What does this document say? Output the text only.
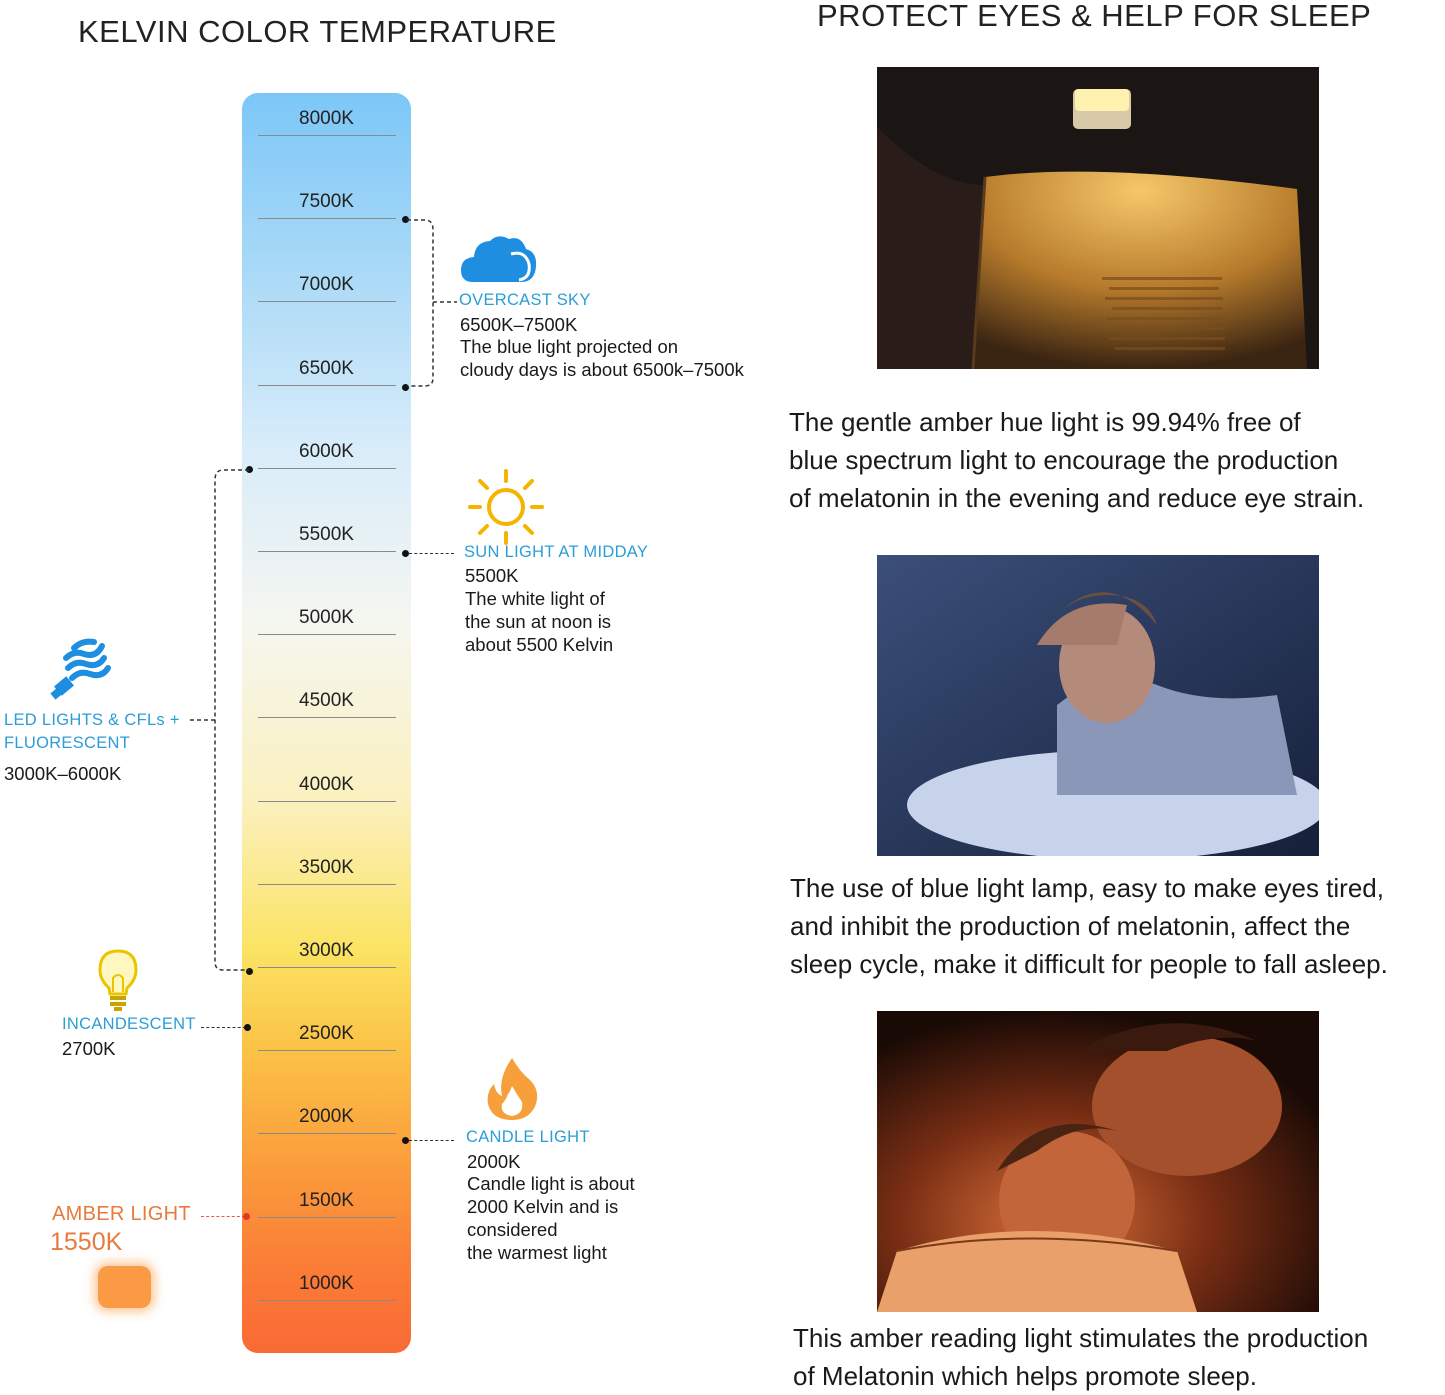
KELVIN COLOR TEMPERATURE	PROTECT EYES & HELP FOR SLEEP
8000K
7500K
7000K
6500K
6000K
5500K
5000K
4500K
4000K
3500K
3000K
2500K
2000K
1500K
1000K
OVERCAST SKY
6500K–7500K
The blue light projected on
cloudy days is about 6500k–7500k
SUN LIGHT AT MIDDAY
5500K
The white light of
the sun at noon is
about 5500 Kelvin
LED LIGHTS & CFLs +
FLUORESCENT
3000K–6000K
INCANDESCENT
2700K
CANDLE LIGHT
2000K
Candle light is about
2000 Kelvin and is
considered
the warmest light
AMBER LIGHT
1550K
The gentle amber hue light is 99.94% free of
blue spectrum light to encourage the production
of melatonin in the evening and reduce eye strain.
The use of blue light lamp, easy to make eyes tired,
and inhibit the production of melatonin, affect the
sleep cycle, make it difficult for people to fall asleep.
This amber reading light stimulates the production
of Melatonin which helps promote sleep.
